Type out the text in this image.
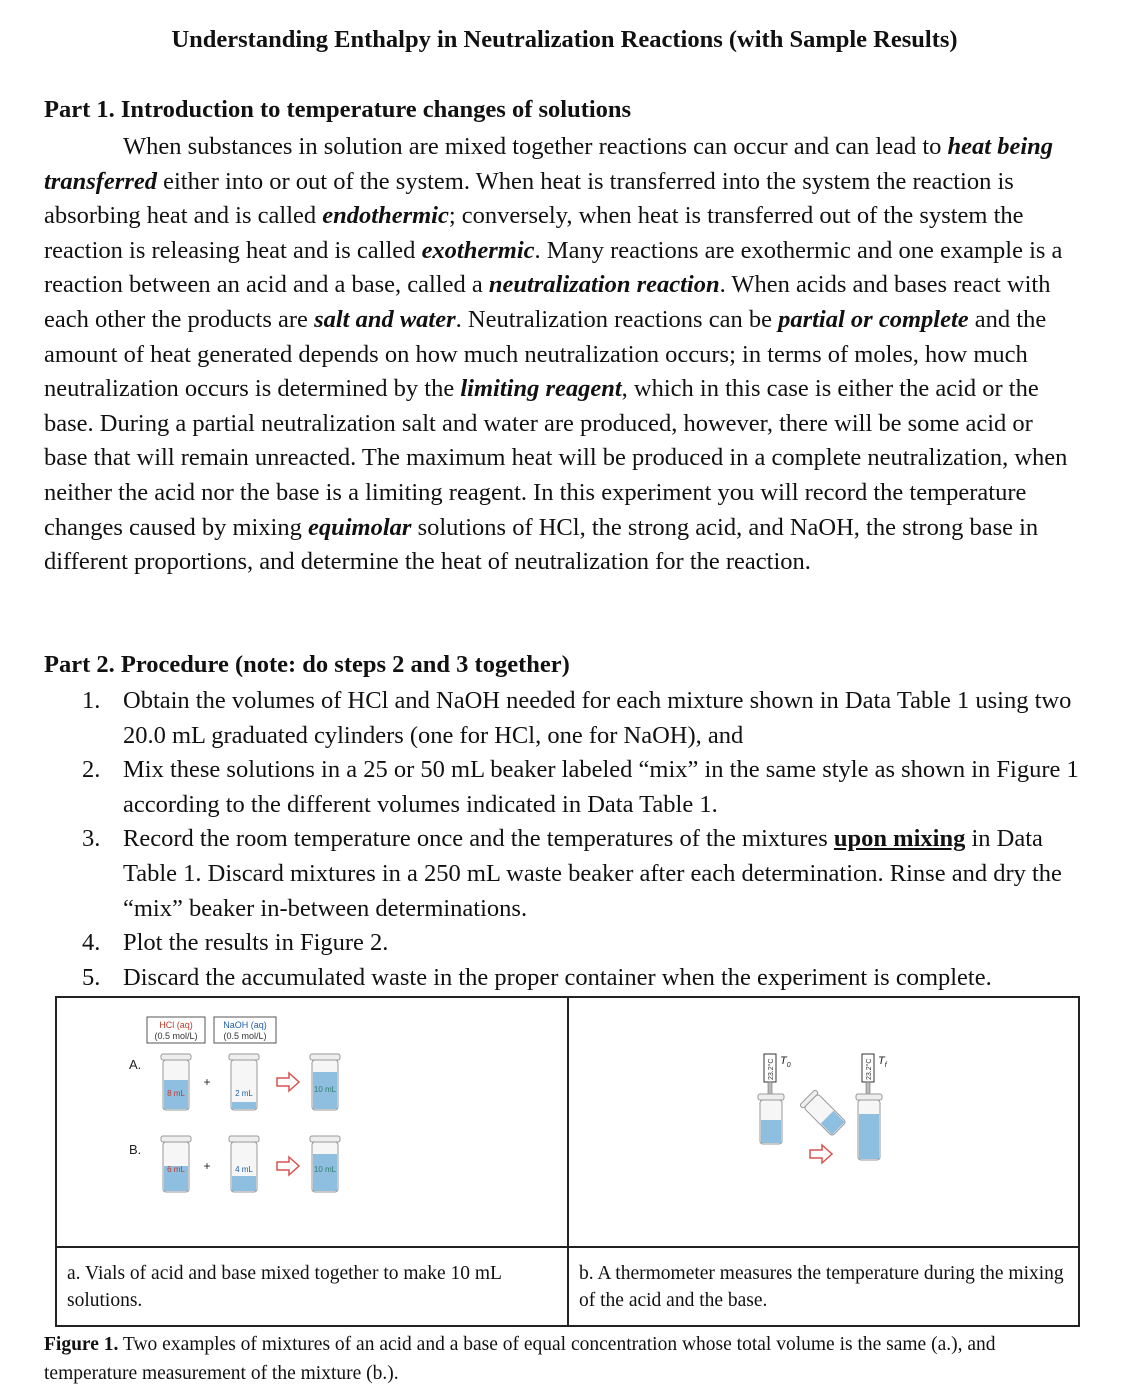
Understanding Enthalpy in Neutralization Reactions (with Sample Results)
Part 1. Introduction to temperature changes of solutions
When substances in solution are mixed together reactions can occur and can lead to heat being transferred either into or out of the system. When heat is transferred into the system the reaction is absorbing heat and is called endothermic; conversely, when heat is transferred out of the system the reaction is releasing heat and is called exothermic. Many reactions are exothermic and one example is a reaction between an acid and a base, called a neutralization reaction. When acids and bases react with each other the products are salt and water. Neutralization reactions can be partial or complete and the amount of heat generated depends on how much neutralization occurs; in terms of moles, how much neutralization occurs is determined by the limiting reagent, which in this case is either the acid or the base. During a partial neutralization salt and water are produced, however, there will be some acid or base that will remain unreacted. The maximum heat will be produced in a complete neutralization, when neither the acid nor the base is a limiting reagent. In this experiment you will record the temperature changes caused by mixing equimolar solutions of HCl, the strong acid, and NaOH, the strong base in different proportions, and determine the heat of neutralization for the reaction.
Part 2. Procedure (note: do steps 2 and 3 together)
1. Obtain the volumes of HCl and NaOH needed for each mixture shown in Data Table 1 using two 20.0 mL graduated cylinders (one for HCl, one for NaOH), and
2. Mix these solutions in a 25 or 50 mL beaker labeled “mix” in the same style as shown in Figure 1 according to the different volumes indicated in Data Table 1.
3. Record the room temperature once and the temperatures of the mixtures upon mixing in Data Table 1. Discard mixtures in a 250 mL waste beaker after each determination. Rinse and dry the “mix” beaker in-between determinations.
4. Plot the results in Figure 2.
5. Discard the accumulated waste in the proper container when the experiment is complete.
HCl (aq)
(0.5 mol/L)
NaOH (aq)
(0.5 mol/L)
A.
B.
8 mL
+
2 mL	10 mL
6 mL +	4 mL	10 mL
23.2°C $T_0$	23.2°C $T_f$
a. Vials of acid and base mixed together to make 10 mL solutions.
b. A thermometer measures the temperature during the mixing of the acid and the base.
Figure 1. Two examples of mixtures of an acid and a base of equal concentration whose total volume is the same (a.), and temperature measurement of the mixture (b.).
